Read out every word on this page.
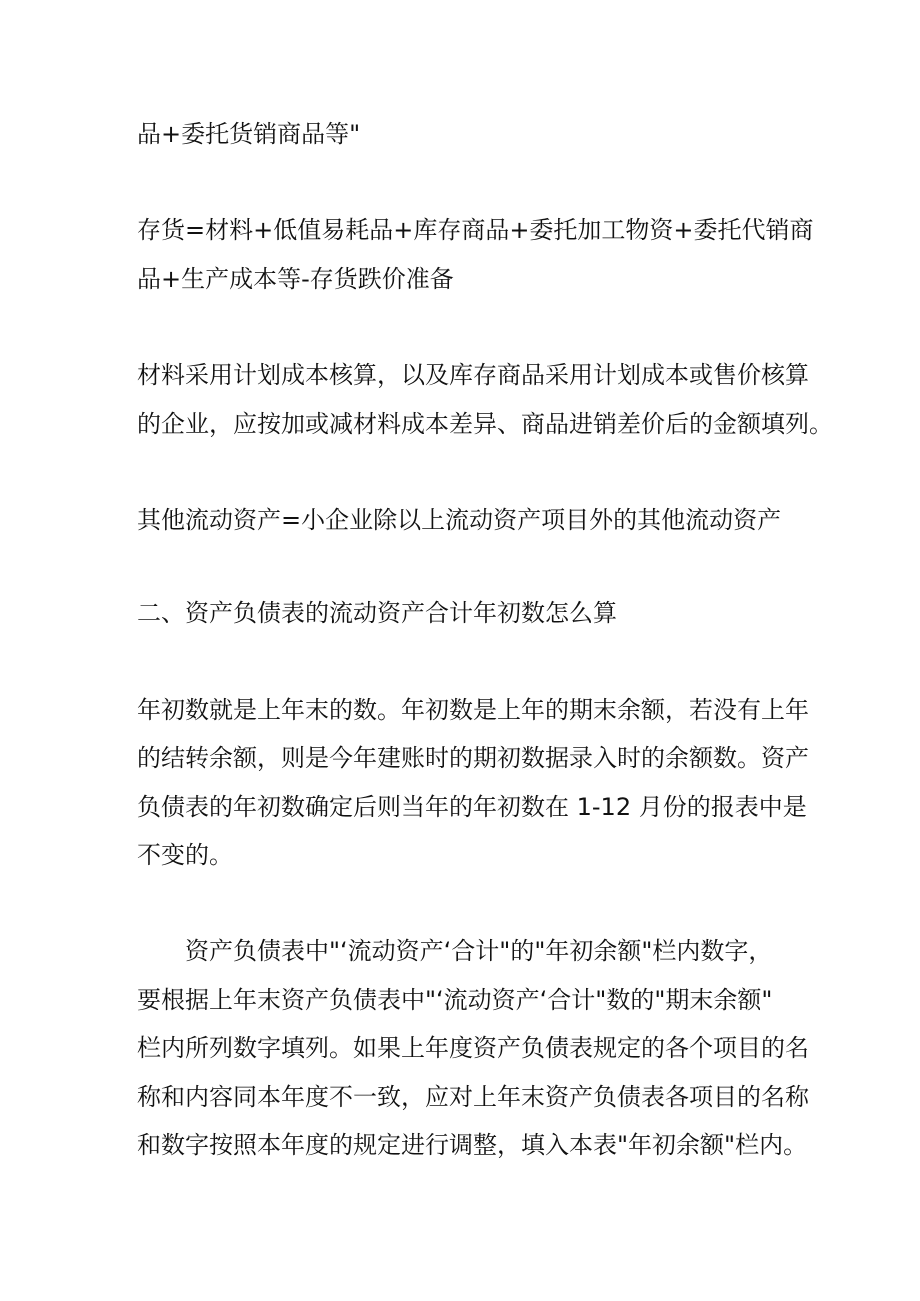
品+委托货销商品等"
存货=材料+低值易耗品+库存商品+委托加工物资+委托代销商
品+生产成本等-存货跌价准备
材料采用计划成本核算，以及库存商品采用计划成本或售价核算
的企业，应按加或减材料成本差异、商品进销差价后的金额填列。
其他流动资产=小企业除以上流动资产项目外的其他流动资产
二、资产负债表的流动资产合计年初数怎么算
年初数就是上年末的数。年初数是上年的期末余额，若没有上年
的结转余额，则是今年建账时的期初数据录入时的余额数。资产
负债表的年初数确定后则当年的年初数在 1-12 月份的报表中是
不变的。
资产负债表中"‘流动资产‘合计"的"年初余额"栏内数字，
要根据上年末资产负债表中"‘流动资产‘合计"数的"期末余额"
栏内所列数字填列。如果上年度资产负债表规定的各个项目的名
称和内容同本年度不一致，应对上年末资产负债表各项目的名称
和数字按照本年度的规定进行调整，填入本表"年初余额"栏内。
